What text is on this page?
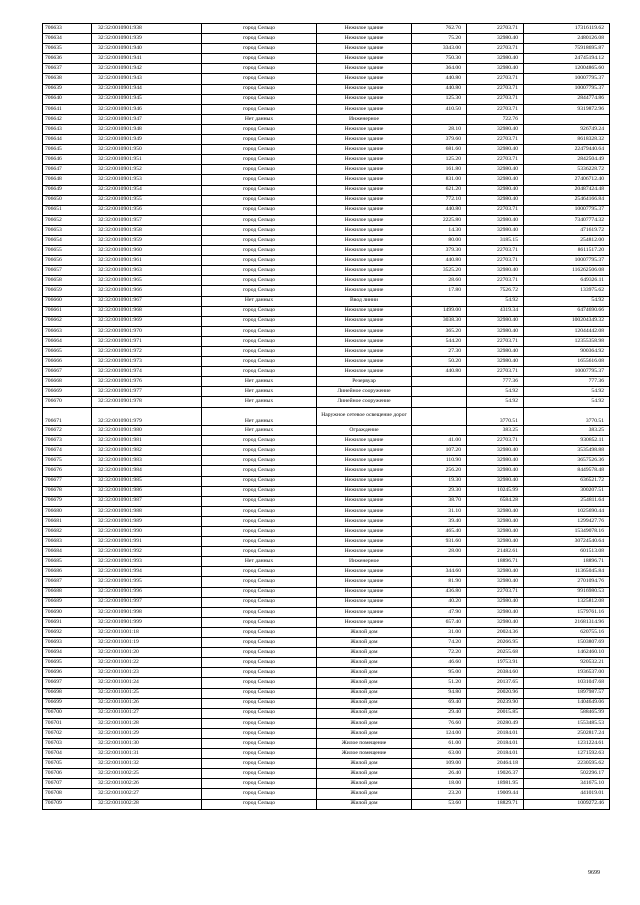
706633	32:32:0010901:938	город Сельцо	Нежилое здание	762.70	22703.71	17316119.62
706634	32:32:0010901:939	город Сельцо	Нежилое здание	75.20	32980.40	2480126.08
706635	32:32:0010901:940	город Сельцо	Нежилое здание	3343.00	22703.71	75918695.87
706636	32:32:0010901:941	город Сельцо	Нежилое здание	750.30	32980.40	24745194.12
706637	32:32:0010901:942	город Сельцо	Нежилое здание	364.00	32980.40	12004865.60
706638	32:32:0010901:943	город Сельцо	Нежилое здание	440.80	22703.71	10007795.37
706639	32:32:0010901:944	город Сельцо	Нежилое здание	440.80	22703.71	10007795.37
706640	32:32:0010901:945	город Сельцо	Нежилое здание	125.30	22703.71	2844774.86
706641	32:32:0010901:946	город Сельцо	Нежилое здание	410.50	22703.71	9319872.96
706642	32:32:0010901:947	Нет данных	Инженерное		722.76	
706643	32:32:0010901:948	город Сельцо	Нежилое здание	28.10	32980.40	926749.24
706644	32:32:0010901:949	город Сельцо	Нежилое здание	379.60	22703.71	8618328.32
706645	32:32:0010901:950	город Сельцо	Нежилое здание	681.60	32980.40	22479440.64
706646	32:32:0010901:951	город Сельцо	Нежилое здание	125.20	22703.71	2842504.49
706647	32:32:0010901:952	город Сельцо	Нежилое здание	161.80	32980.40	5336228.72
706648	32:32:0010901:953	город Сельцо	Нежилое здание	831.00	32980.40	27406712.40
706649	32:32:0010901:954	город Сельцо	Нежилое здание	621.20	32980.40	20487424.48
706650	32:32:0010901:955	город Сельцо	Нежилое здание	772.10	32980.40	25464166.84
706651	32:32:0010901:956	город Сельцо	Нежилое здание	440.80	22703.71	10007795.37
706652	32:32:0010901:957	город Сельцо	Нежилое здание	2225.80	32980.40	73407774.32
706653	32:32:0010901:958	город Сельцо	Нежилое здание	14.30	32980.40	471619.72
706654	32:32:0010901:959	город Сельцо	Нежилое здание	80.00	3185.15	254812.00
706655	32:32:0010901:960	город Сельцо	Нежилое здание	379.30	22703.71	8611517.20
706656	32:32:0010901:961	город Сельцо	Нежилое здание	440.80	22703.71	10007795.37
706657	32:32:0010901:963	город Сельцо	Нежилое здание	3525.20	32980.40	116262506.08
706658	32:32:0010901:965	город Сельцо	Нежилое здание	28.60	22703.71	649326.11
706659	32:32:0010901:966	город Сельцо	Нежилое здание	17.80	7526.72	133975.62
706660	32:32:0010901:967	Нет данных	Ввод линии		54.92	54.92
706661	32:32:0010901:968	город Сельцо	Нежилое здание	1499.00	4319.34	6474690.66
706662	32:32:0010901:969	город Сельцо	Нежилое здание	3038.30	32980.40	100204349.32
706663	32:32:0010901:970	город Сельцо	Нежилое здание	365.20	32980.40	12044442.08
706664	32:32:0010901:971	город Сельцо	Нежилое здание	544.20	22703.71	12355358.98
706665	32:32:0010901:972	город Сельцо	Нежилое здание	27.30	32980.40	900364.92
706666	32:32:0010901:973	город Сельцо	Нежилое здание	50.20	32980.40	1655616.08
706667	32:32:0010901:974	город Сельцо	Нежилое здание	440.80	22703.71	10007795.37
706668	32:32:0010901:976	Нет данных	Резервуар		777.36	777.36
706669	32:32:0010901:977	Нет данных	Линейное сооружение		54.92	54.92
706670	32:32:0010901:978	Нет данных	Линейное сооружение		54.92	54.92
706671	32:32:0010901:979	Нет данных	Наружное сетевое освещение дорог		3770.51	3770.51
706672	32:32:0010901:980	Нет данных	Ограждение		383.25	383.25
706673	32:32:0010901:981	город Сельцо	Нежилое здание	41.00	22703.71	930852.11
706674	32:32:0010901:982	город Сельцо	Нежилое здание	107.20	32980.40	3535498.88
706675	32:32:0010901:983	город Сельцо	Нежилое здание	110.90	32980.40	3657526.36
706676	32:32:0010901:984	город Сельцо	Нежилое здание	256.20	32980.40	8449578.48
706677	32:32:0010901:985	город Сельцо	Нежилое здание	19.30	32980.40	636521.72
706678	32:32:0010901:986	город Сельцо	Нежилое здание	29.30	10245.99	300207.51
706679	32:32:0010901:987	город Сельцо	Нежилое здание	38.70	6584.28	254811.64
706680	32:32:0010901:988	город Сельцо	Нежилое здание	31.10	32980.40	1025690.44
706681	32:32:0010901:989	город Сельцо	Нежилое здание	39.40	32980.40	1299427.76
706682	32:32:0010901:990	город Сельцо	Нежилое здание	465.40	32980.40	15349078.16
706683	32:32:0010901:991	город Сельцо	Нежилое здание	931.60	32980.40	30724540.64
706684	32:32:0010901:992	город Сельцо	Нежилое здание	28.00	21482.61	601513.08
706685	32:32:0010901:993	Нет данных	Инженерное		18896.71	18896.71
706686	32:32:0010901:994	город Сельцо	Нежилое здание	344.60	32980.40	11365045.84
706687	32:32:0010901:995	город Сельцо	Нежилое здание	81.90	32980.40	2701094.76
706688	32:32:0010901:996	город Сельцо	Нежилое здание	436.80	22703.71	9916980.53
706689	32:32:0010901:997	город Сельцо	Нежилое здание	40.20	32980.40	1325812.08
706690	32:32:0010901:998	город Сельцо	Нежилое здание	47.90	32980.40	1579761.16
706691	32:32:0010901:999	город Сельцо	Нежилое здание	657.40	32980.40	21681314.96
706692	32:32:0011001:18	город Сельцо	Жилой дом	31.00	20024.36	620755.16
706693	32:32:0011001:19	город Сельцо	Жилой дом	74.20	20266.95	1503807.69
706694	32:32:0011001:20	город Сельцо	Жилой дом	72.20	20255.68	1462460.10
706695	32:32:0011001:22	город Сельцо	Жилой дом	46.60	19753.91	920532.21
706696	32:32:0011001:23	город Сельцо	Жилой дом	95.00	20384.60	1936537.00
706697	32:32:0011001:24	город Сельцо	Жилой дом	51.20	20137.65	1031047.68
706698	32:32:0011001:25	город Сельцо	Жилой дом	94.80	20020.96	1897987.57
706699	32:32:0011001:26	город Сельцо	Жилой дом	69.40	20239.90	1404649.06
706700	32:32:0011001:27	город Сельцо	Жилой дом	29.40	20015.85	588465.99
706701	32:32:0011001:28	город Сельцо	Жилой дом	76.60	20280.49	1553485.53
706702	32:32:0011001:29	город Сельцо	Жилой дом	124.00	20184.01	2502817.24
706703	32:32:0011001:30	город Сельцо	Жилое помещение	61.00	20184.01	1231224.61
706704	32:32:0011001:31	город Сельцо	Жилое помещение	63.00	20184.01	1271592.63
706705	32:32:0011001:32	город Сельцо	Жилой дом	109.00	20464.18	2230595.62
706706	32:32:0011002:25	город Сельцо	Жилой дом	26.40	19026.37	502296.17
706707	32:32:0011002:26	город Сельцо	Жилой дом	18.00	18981.95	341675.10
706708	32:32:0011002:27	город Сельцо	Жилой дом	23.20	19009.44	441019.01
706709	32:32:0011002:28	город Сельцо	Жилой дом	53.60	18829.71	1009272.46
9699
